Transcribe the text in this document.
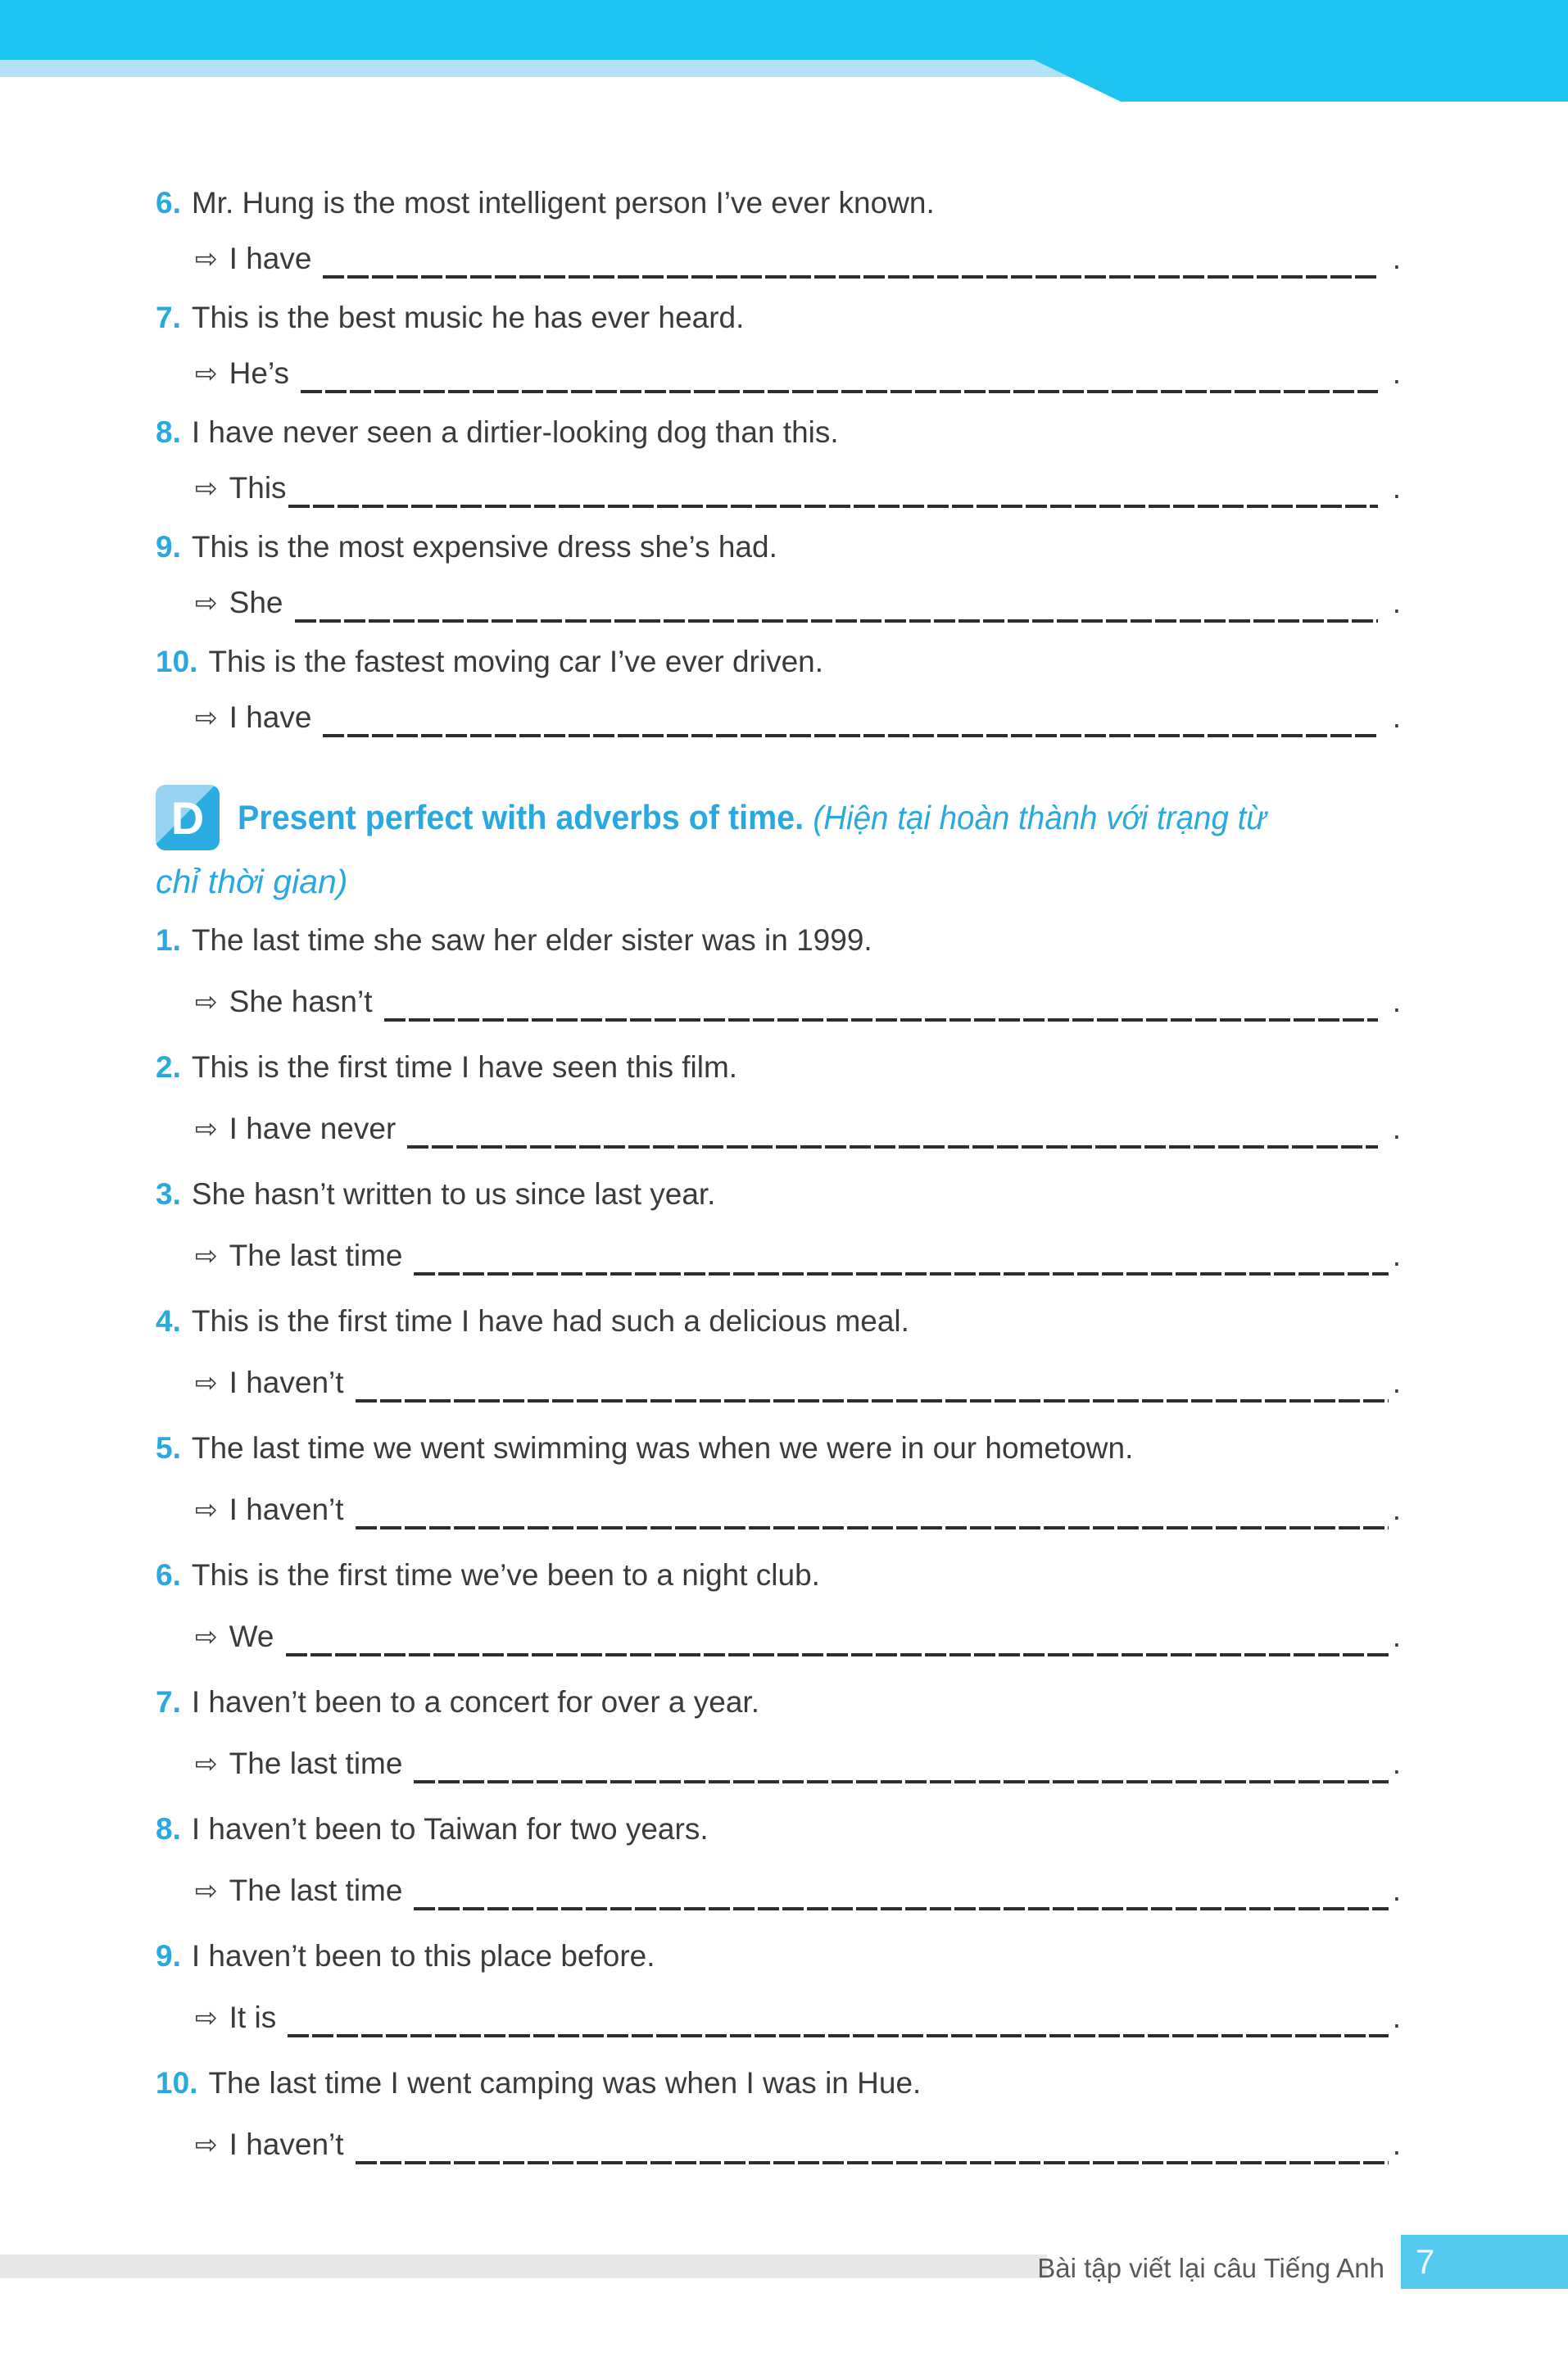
6. Mr. Hung is the most intelligent person I’ve ever known.
⇨ I have	.
7. This is the best music he has ever heard.
⇨ He’s	.
8. I have never seen a dirtier-looking dog than this.
⇨ This	.
9. This is the most expensive dress she’s had.
⇨ She	.
10. This is the fastest moving car I’ve ever driven.
⇨ I have	.
D Present perfect with adverbs of time. (Hiện tại hoàn thành với trạng từ
chỉ thời gian)
1. The last time she saw her elder sister was in 1999.
⇨ She hasn’t	.
2. This is the first time I have seen this film.
⇨ I have never	.
3. She hasn’t written to us since last year.
⇨ The last time	.
4. This is the first time I have had such a delicious meal.
⇨ I haven’t	.
5. The last time we went swimming was when we were in our hometown.
⇨ I haven’t	.
6. This is the first time we’ve been to a night club.
⇨ We	.
7. I haven’t been to a concert for over a year.
⇨ The last time	.
8. I haven’t been to Taiwan for two years.
⇨ The last time	.
9. I haven’t been to this place before.
⇨ It is	.
10. The last time I went camping was when I was in Hue.
⇨ I haven’t	.
Bài tập viết lại câu Tiếng Anh 7
